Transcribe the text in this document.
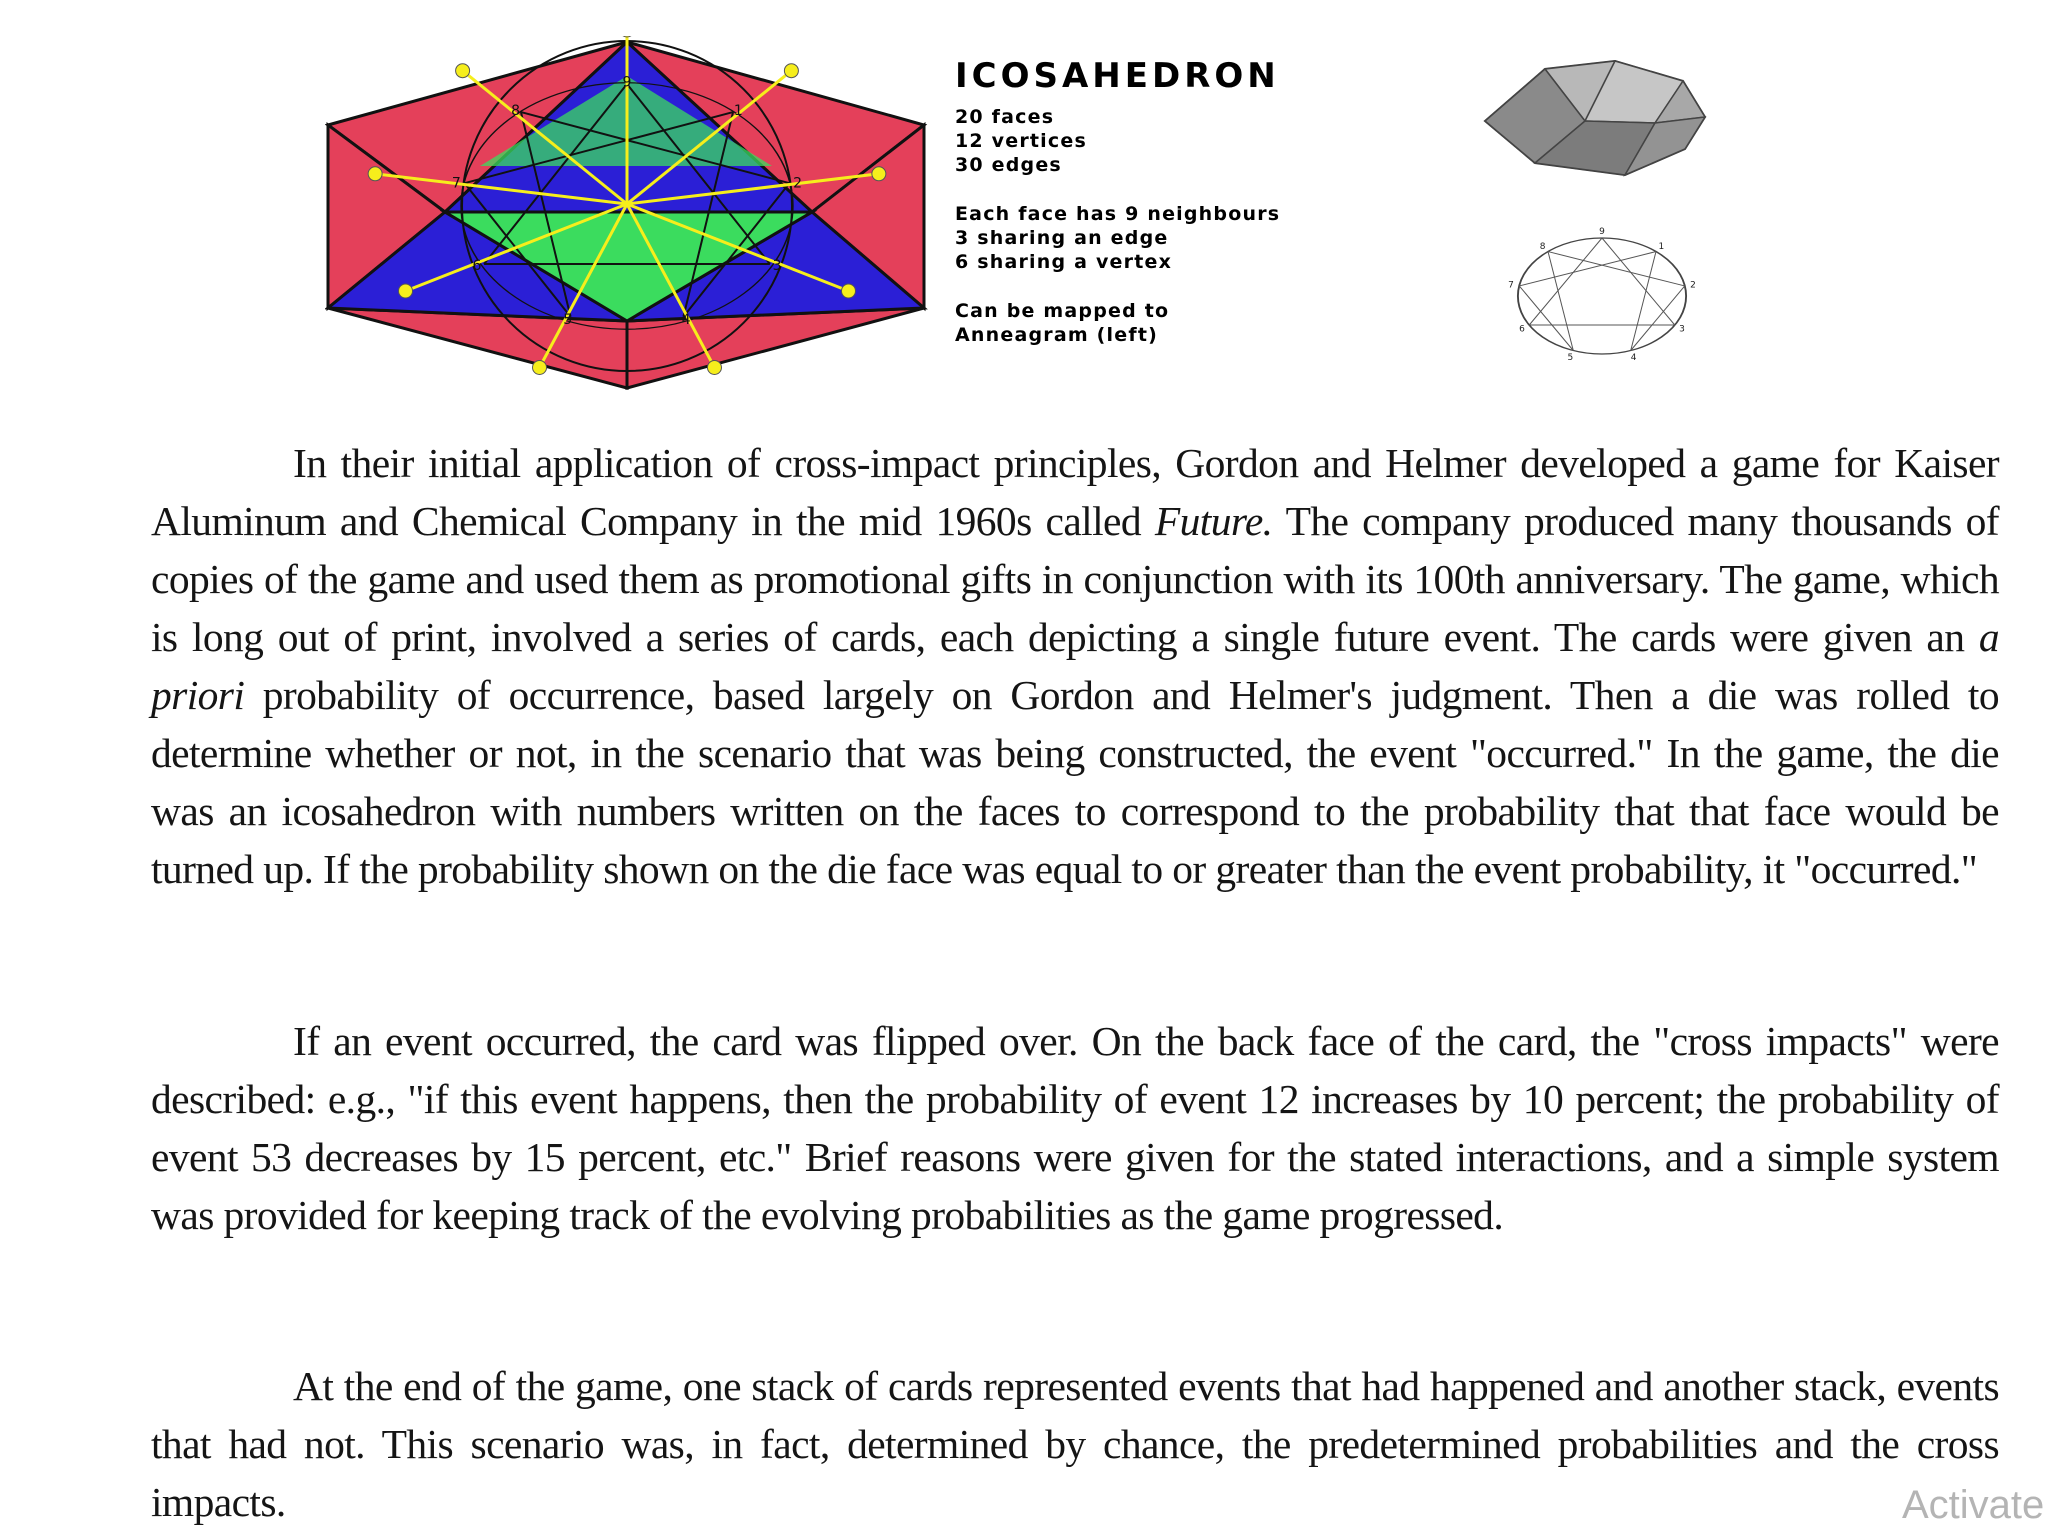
9
1
2
3
4
5
6
7
8
ICOSAHEDRON
20 faces
12 vertices
30 edges
Each face has 9 neighbours
3 sharing an edge
6 sharing a vertex
Can be mapped to
Anneagram (left)
9
1
2
3
4
5
6
7
8

In their initial application of cross-impact principles, Gordon and Helmer developed a game for Kaiser Aluminum and Chemical Company in the mid 1960s called Future. The company produced many thousands of copies of the game and used them as promotional gifts in conjunction with its 100th anniversary. The game, which is long out of print, involved a series of cards, each depicting a single future event. The cards were given an a priori probability of occurrence, based largely on Gordon and Helmer's judgment. Then a die was rolled to determine whether or not, in the scenario that was being constructed, the event "occurred." In the game, the die was an icosahedron with numbers written on the faces to correspond to the probability that that face would be turned up. If the probability shown on the die face was equal to or greater than the event probability, it "occurred."

If an event occurred, the card was flipped over. On the back face of the card, the "cross impacts" were described: e.g., "if this event happens, then the probability of event 12 increases by 10 percent; the probability of event 53 decreases by 15 percent, etc." Brief reasons were given for the stated interactions, and a simple system was provided for keeping track of the evolving probabilities as the game progressed.

At the end of the game, one stack of cards represented events that had happened and another stack, events that had not. This scenario was, in fact, determined by chance, the predetermined probabilities and the cross impacts.	Activate
